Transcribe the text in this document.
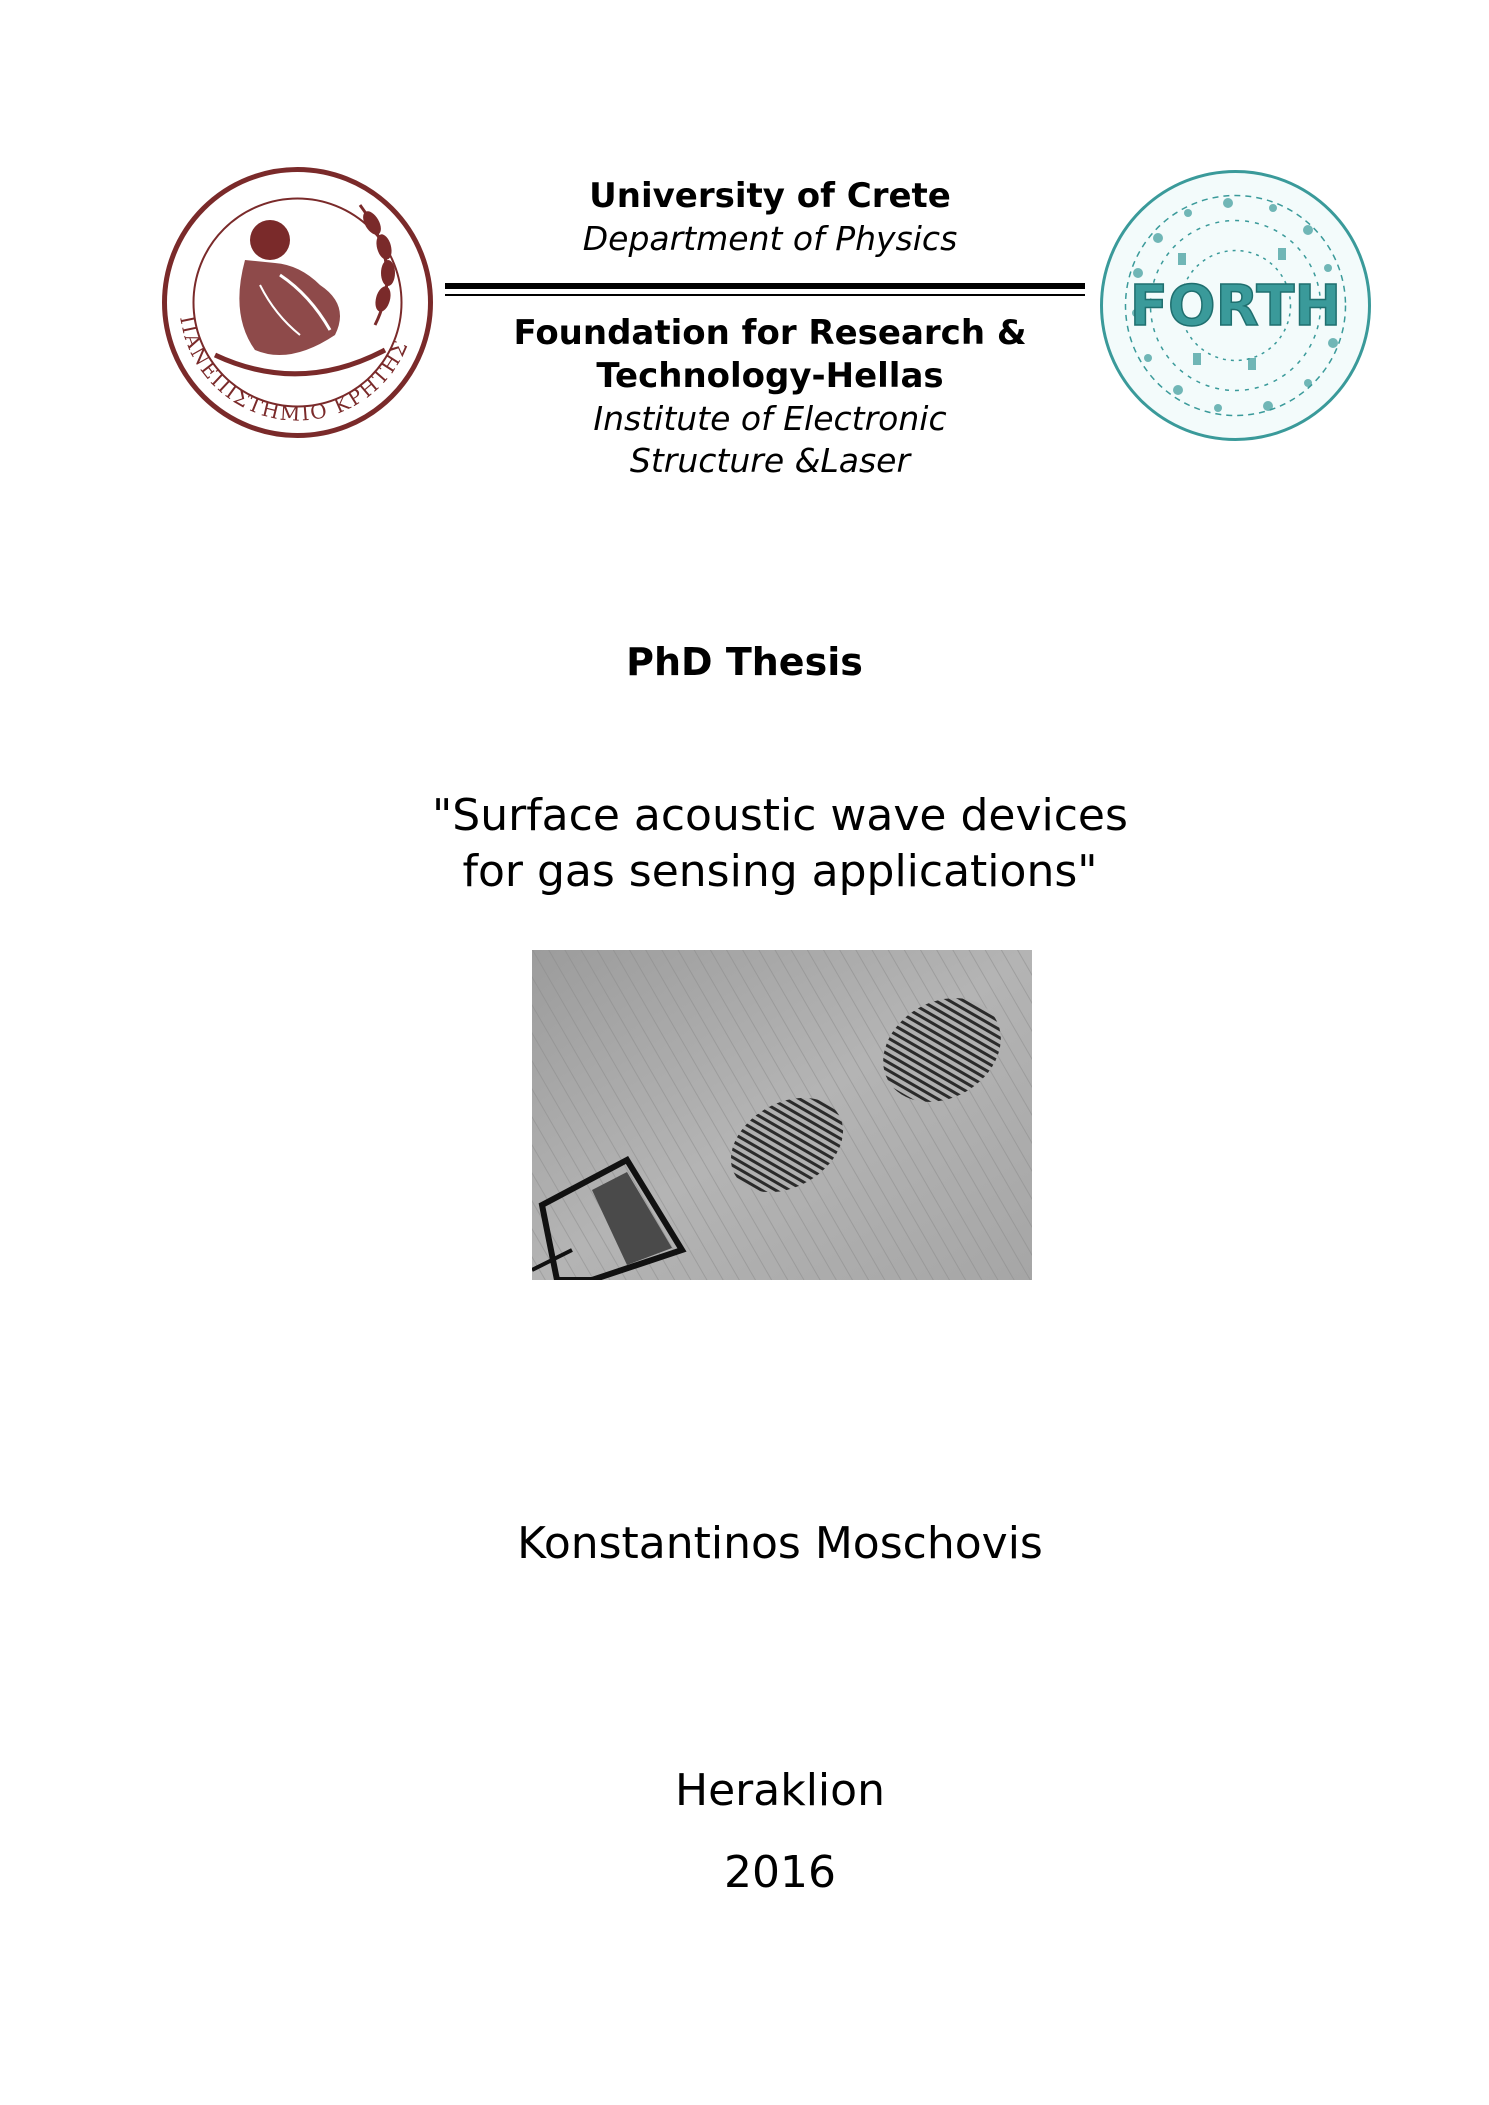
ΠΑΝΕΠΙΣΤΗΜΙΟ ΚΡΗΤΗΣ
FORTH
University of Crete
Department of Physics
Foundation for Research &
Technology-Hellas
Institute of Electronic
Structure &Laser
PhD Thesis
"Surface acoustic wave devices
for gas sensing applications"
Konstantinos Moschovis
Heraklion
2016
